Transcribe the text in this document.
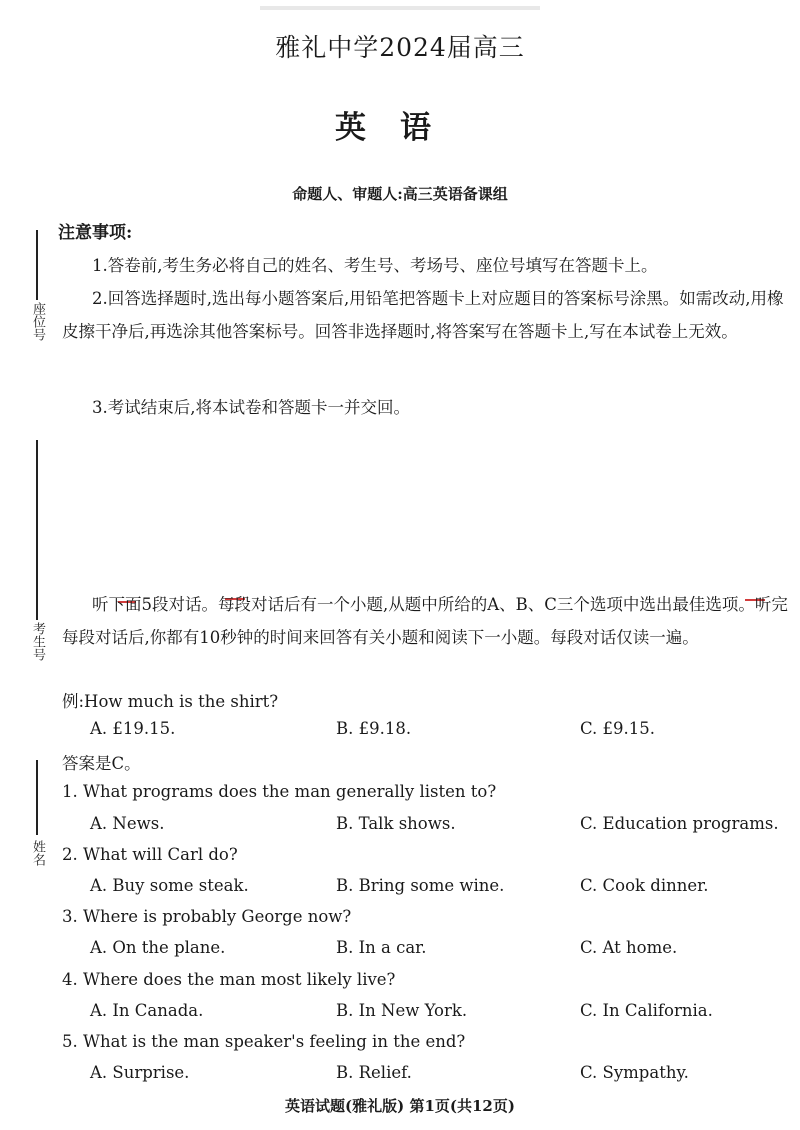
雅礼中学2024届高三
英语
命题人、审题人:高三英语备课组
座位号
考生号
姓名
注意事项:
1.答卷前,考生务必将自己的姓名、考生号、考场号、座位号填写在答题卡上。
2.回答选择题时,选出每小题答案后,用铅笔把答题卡上对应题目的答案标号涂黑。如需改动,用橡皮擦干净后,再选涂其他答案标号。回答非选择题时,将答案写在答题卡上,写在本试卷上无效。
3.考试结束后,将本试卷和答题卡一并交回。
听下面5段对话。每段对话后有一个小题,从题中所给的A、B、C三个选项中选出最佳选项。听完每段对话后,你都有10秒钟的时间来回答有关小题和阅读下一小题。每段对话仅读一遍。
例:How much is the shirt?
A. £19.15.	B. £9.18.	C. £9.15.
答案是C。
1. What programs does the man generally listen to?
A. News.	B. Talk shows.	C. Education programs.
2. What will Carl do?
A. Buy some steak.	B. Bring some wine.	C. Cook dinner.
3. Where is probably George now?
A. On the plane.	B. In a car.	C. At home.
4. Where does the man most likely live?
A. In Canada.	B. In New York.	C. In California.
5. What is the man speaker's feeling in the end?
A. Surprise.	B. Relief.	C. Sympathy.
英语试题(雅礼版) 第1页(共12页)
